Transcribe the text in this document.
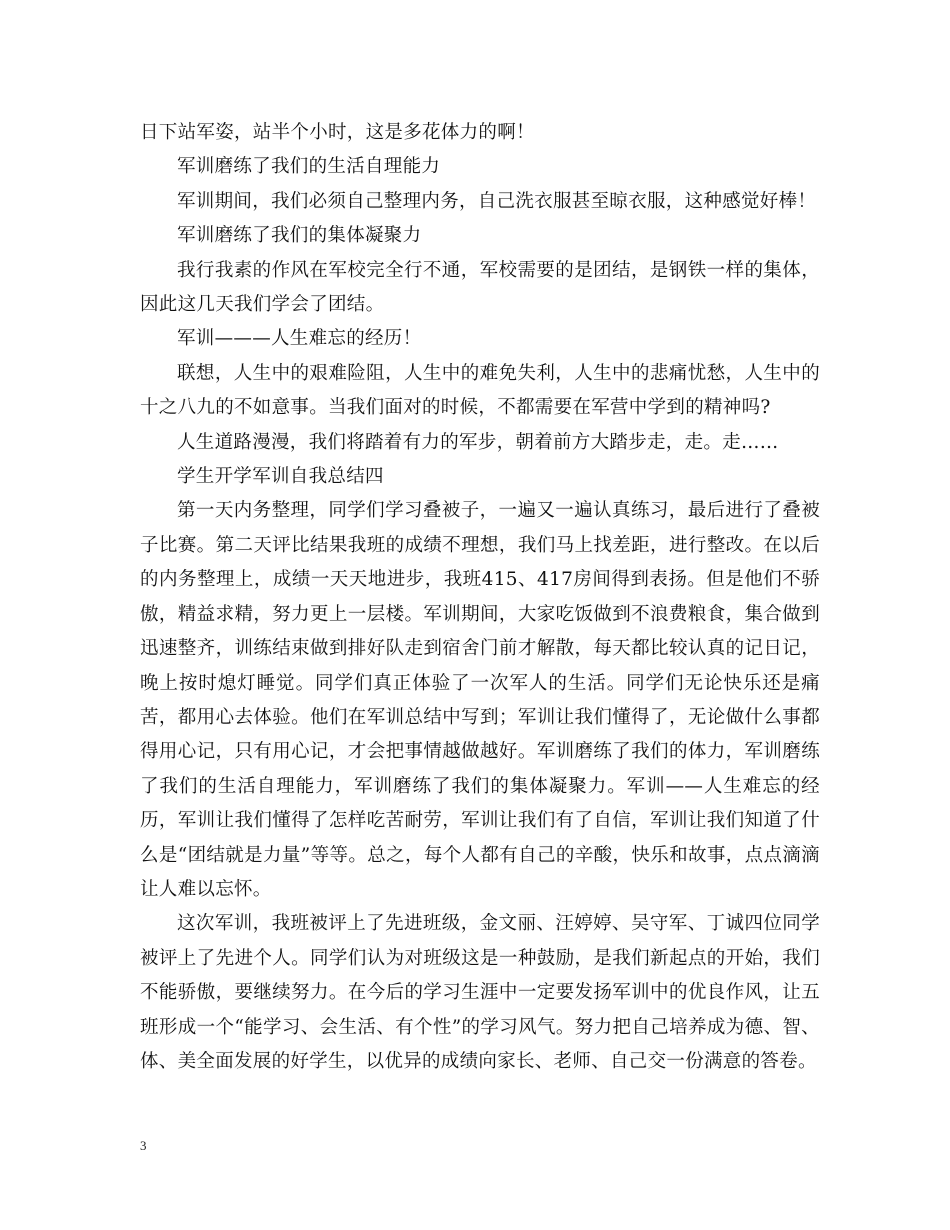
日下站军姿，站半个小时，这是多花体力的啊！

军训磨练了我们的生活自理能力

军训期间，我们必须自己整理内务，自己洗衣服甚至晾衣服，这种感觉好棒！

军训磨练了我们的集体凝聚力

我行我素的作风在军校完全行不通，军校需要的是团结，是钢铁一样的集体，因此这几天我们学会了团结。

军训———人生难忘的经历！

联想，人生中的艰难险阻，人生中的难免失利，人生中的悲痛忧愁，人生中的十之八九的不如意事。当我们面对的时候，不都需要在军营中学到的精神吗?

人生道路漫漫，我们将踏着有力的军步，朝着前方大踏步走，走。走……

学生开学军训自我总结四

第一天内务整理，同学们学习叠被子，一遍又一遍认真练习，最后进行了叠被子比赛。第二天评比结果我班的成绩不理想，我们马上找差距，进行整改。在以后的内务整理上，成绩一天天地进步，我班415、417房间得到表扬。但是他们不骄傲，精益求精，努力更上一层楼。军训期间，大家吃饭做到不浪费粮食，集合做到迅速整齐，训练结束做到排好队走到宿舍门前才解散，每天都比较认真的记日记，晚上按时熄灯睡觉。同学们真正体验了一次军人的生活。同学们无论快乐还是痛苦，都用心去体验。他们在军训总结中写到；军训让我们懂得了，无论做什么事都得用心记，只有用心记，才会把事情越做越好。军训磨练了我们的体力，军训磨练了我们的生活自理能力，军训磨练了我们的集体凝聚力。军训——人生难忘的经历，军训让我们懂得了怎样吃苦耐劳，军训让我们有了自信，军训让我们知道了什么是“团结就是力量”等等。总之，每个人都有自己的辛酸，快乐和故事，点点滴滴让人难以忘怀。

这次军训，我班被评上了先进班级，金文丽、汪婷婷、吴守军、丁诚四位同学被评上了先进个人。同学们认为对班级这是一种鼓励，是我们新起点的开始，我们不能骄傲，要继续努力。在今后的学习生涯中一定要发扬军训中的优良作风，让五班形成一个“能学习、会生活、有个性”的学习风气。努力把自己培养成为德、智、体、美全面发展的好学生，以优异的成绩向家长、老师、自己交一份满意的答卷。

3
